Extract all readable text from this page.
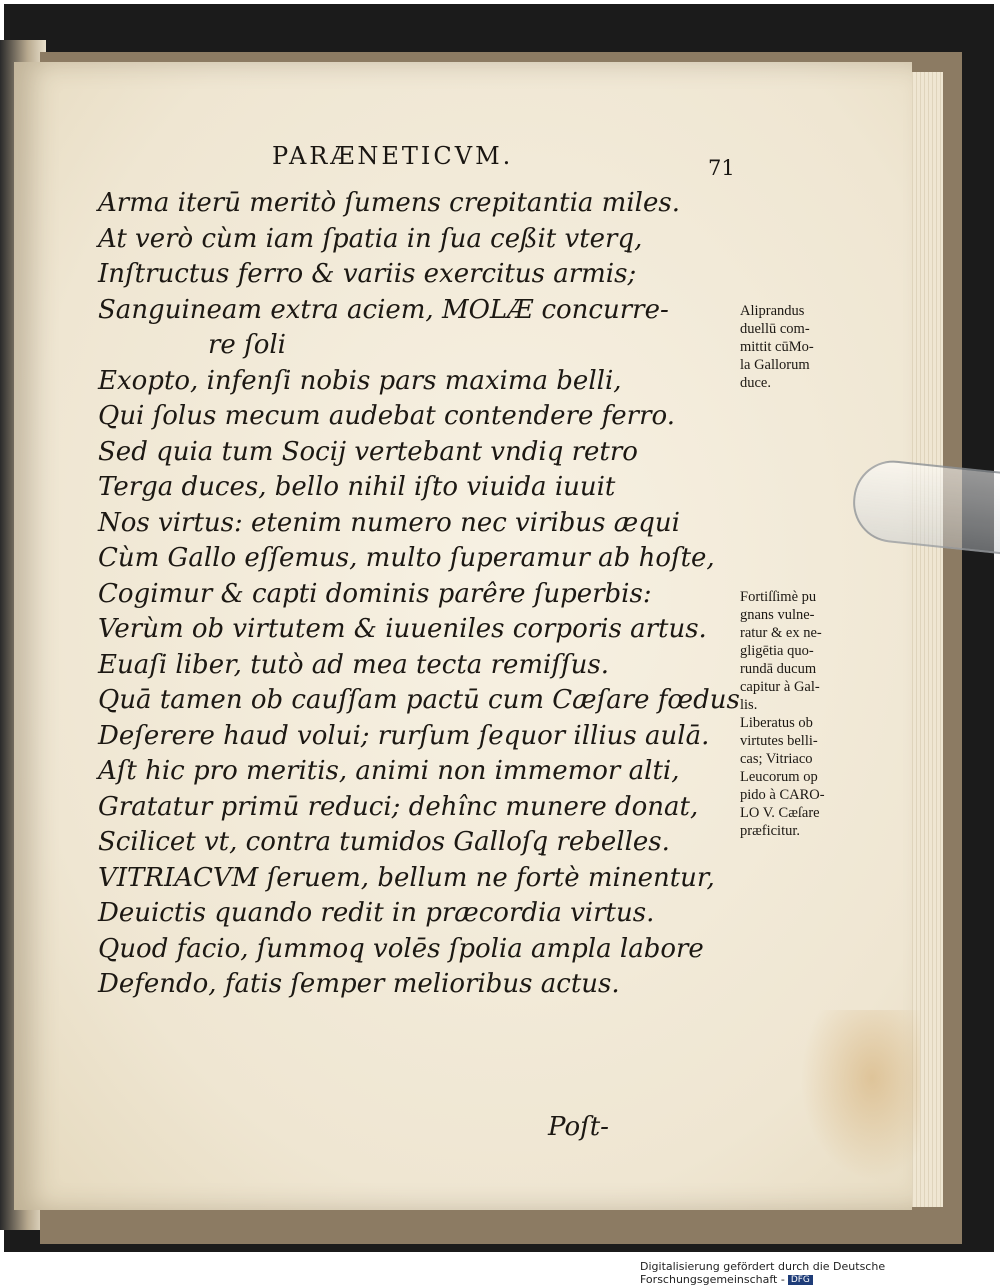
PARÆNETICVM.	71

Arma iterū meritò ſumens crepitantia miles.

At verò cùm iam ſpatia in ſua ceßit vterq̧,

Inſtructus ferro & variis exercitus armis;

Sanguineam extra aciem, MOLÆ concurre-

re ſoli

Exopto, infenſi nobis pars maxima belli,

Qui ſolus mecum audebat contendere ferro.

Sed quia tum Socij vertebant vndiq̧ retro

Terga duces, bello nihil iſto viuida iuuit

Nos virtus: etenim numero nec viribus æqui

Cùm Gallo eſſemus, multo ſuperamur ab hoſte,

Cogimur & capti dominis parêre ſuperbis:

Verùm ob virtutem & iuueniles corporis artus.

Euaſi liber, tutò ad mea tecta remiſſus.

Quā tamen ob cauſſam pactū cum Cæſare fœdus

Deſerere haud volui; rurſum ſequor illius aulā.

Aſt hic pro meritis, animi non immemor alti,

Gratatur primū reduci; dehînc munere donat,

Scilicet vt, contra tumidos Galloſq̧ rebelles.

VITRIACVM ſeruem, bellum ne fortè minentur,

Deuictis quando redit in præcordia virtus.

Quod facio, ſummoq̧ volēs ſpolia ampla labore

Defendo, fatis ſemper melioribus actus.

Poſt-
Aliprandus
duellū com-
mittit cūMo-
la Gallorum
duce.
Fortiſſimè pu
gnans vulne-
ratur & ex ne-
gligētia quo-
rundā ducum
capitur à Gal-
lis.
Liberatus ob
virtutes belli-
cas; Vitriaco
Leucorum op
pido à CARO-
LO V. Cæſare
præficitur.
Digitalisierung gefördert durch die Deutsche Forschungsgemeinschaft - DFG
